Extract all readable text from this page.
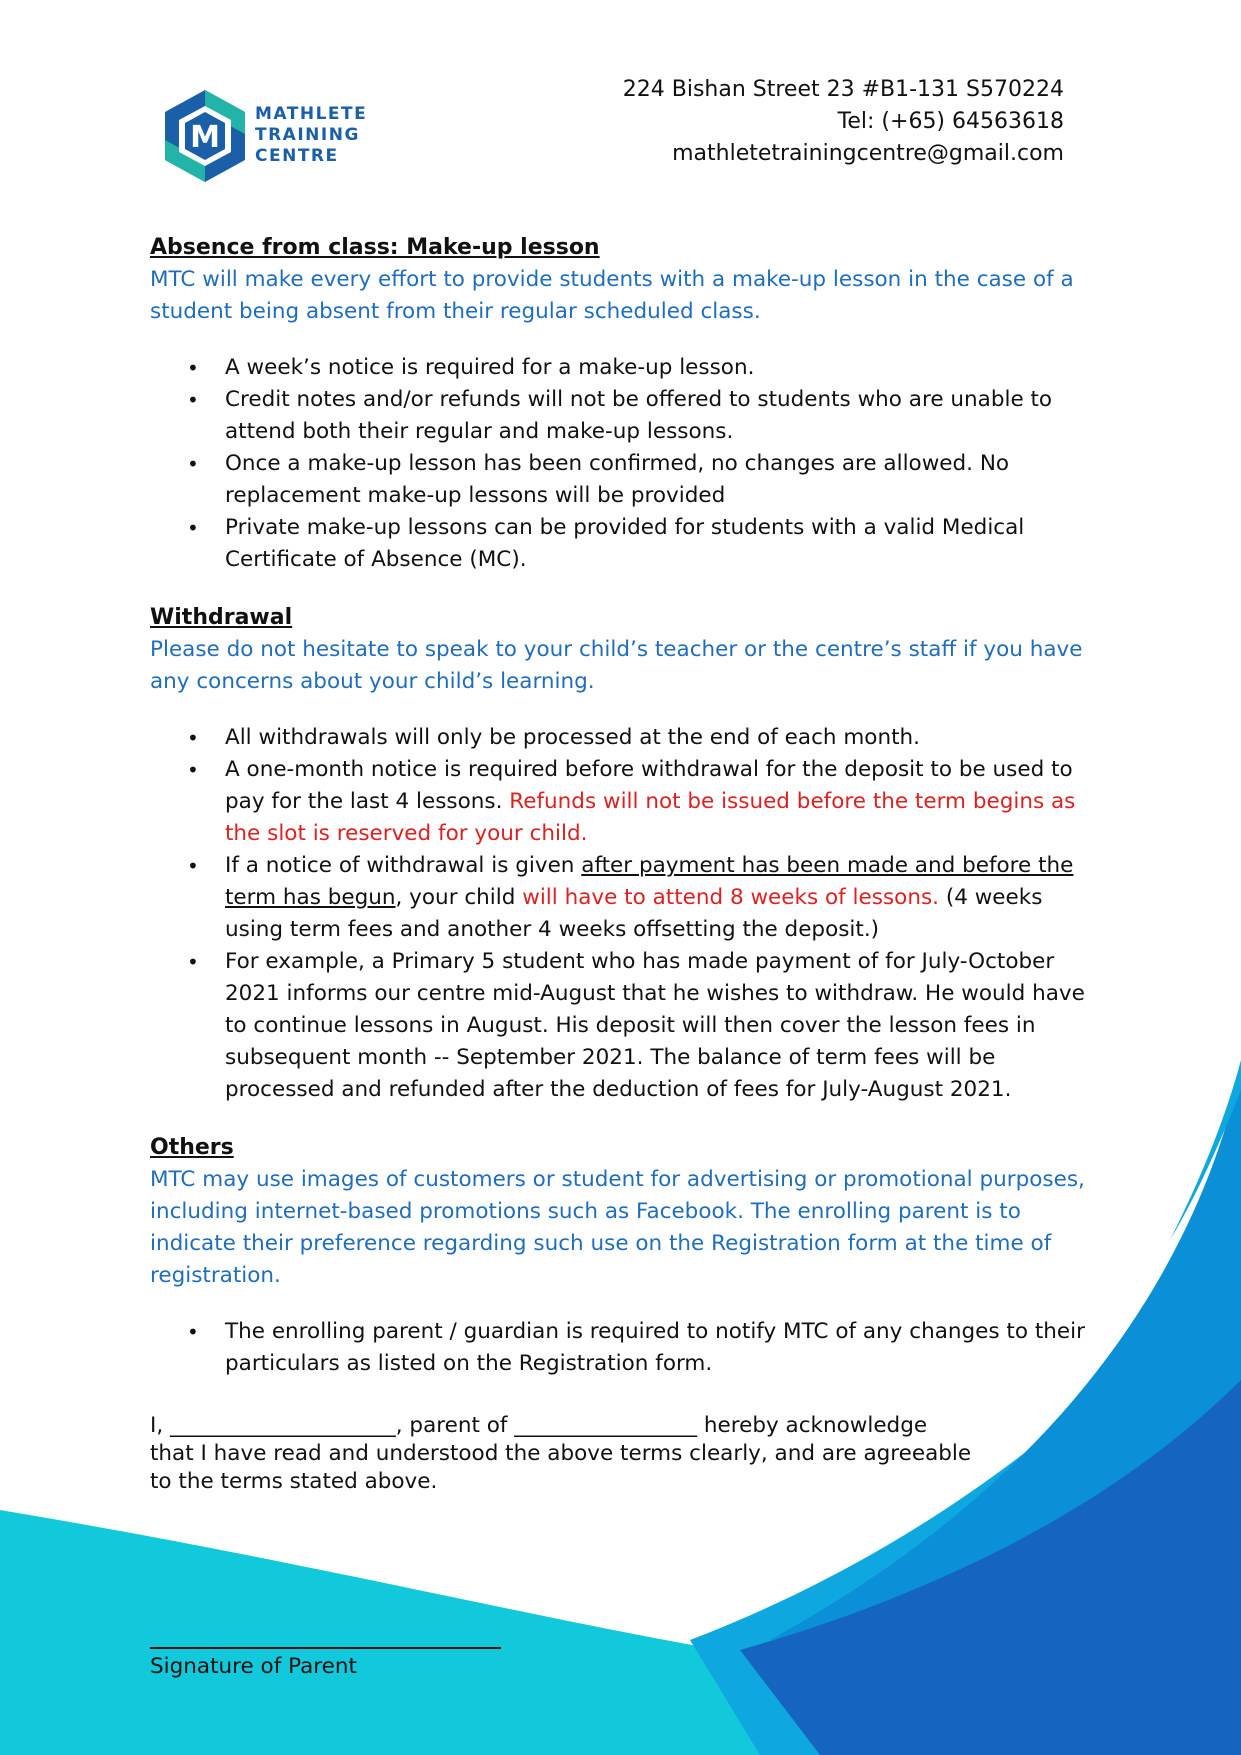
M
MATHLETE
TRAINING
CENTRE
224 Bishan Street 23 #B1-131 S570224
Tel: (+65) 64563618
mathletetrainingcentre@gmail.com
Absence from class: Make-up lesson

MTC will make every effort to provide students with a make-up lesson in the case of a student being absent from their regular scheduled class.

• A week’s notice is required for a make-up lesson.
• Credit notes and/or refunds will not be offered to students who are unable to attend both their regular and make-up lessons.
• Once a make-up lesson has been confirmed, no changes are allowed. No replacement make-up lessons will be provided
• Private make-up lessons can be provided for students with a valid Medical Certificate of Absence (MC).
Withdrawal

Please do not hesitate to speak to your child’s teacher or the centre’s staff if you have any concerns about your child’s learning.

• All withdrawals will only be processed at the end of each month.
• A one-month notice is required before withdrawal for the deposit to be used to pay for the last 4 lessons. Refunds will not be issued before the term begins as the slot is reserved for your child.
• If a notice of withdrawal is given after payment has been made and before the term has begun, your child will have to attend 8 weeks of lessons. (4 weeks using term fees and another 4 weeks offsetting the deposit.)
• For example, a Primary 5 student who has made payment of for July-October 2021 informs our centre mid-August that he wishes to withdraw. He would have to continue lessons in August. His deposit will then cover the lesson fees in subsequent month -- September 2021. The balance of term fees will be processed and refunded after the deduction of fees for July-August 2021.
Others

MTC may use images of customers or student for advertising or promotional purposes, including internet-based promotions such as Facebook. The enrolling parent is to indicate their preference regarding such use on the Registration form at the time of registration.

• The enrolling parent / guardian is required to notify MTC of any changes to their particulars as listed on the Registration form.
I, _____________________, parent of _________________ hereby acknowledge
that I have read and understood the above terms clearly, and are agreeable
to the terms stated above.
Signature of Parent
